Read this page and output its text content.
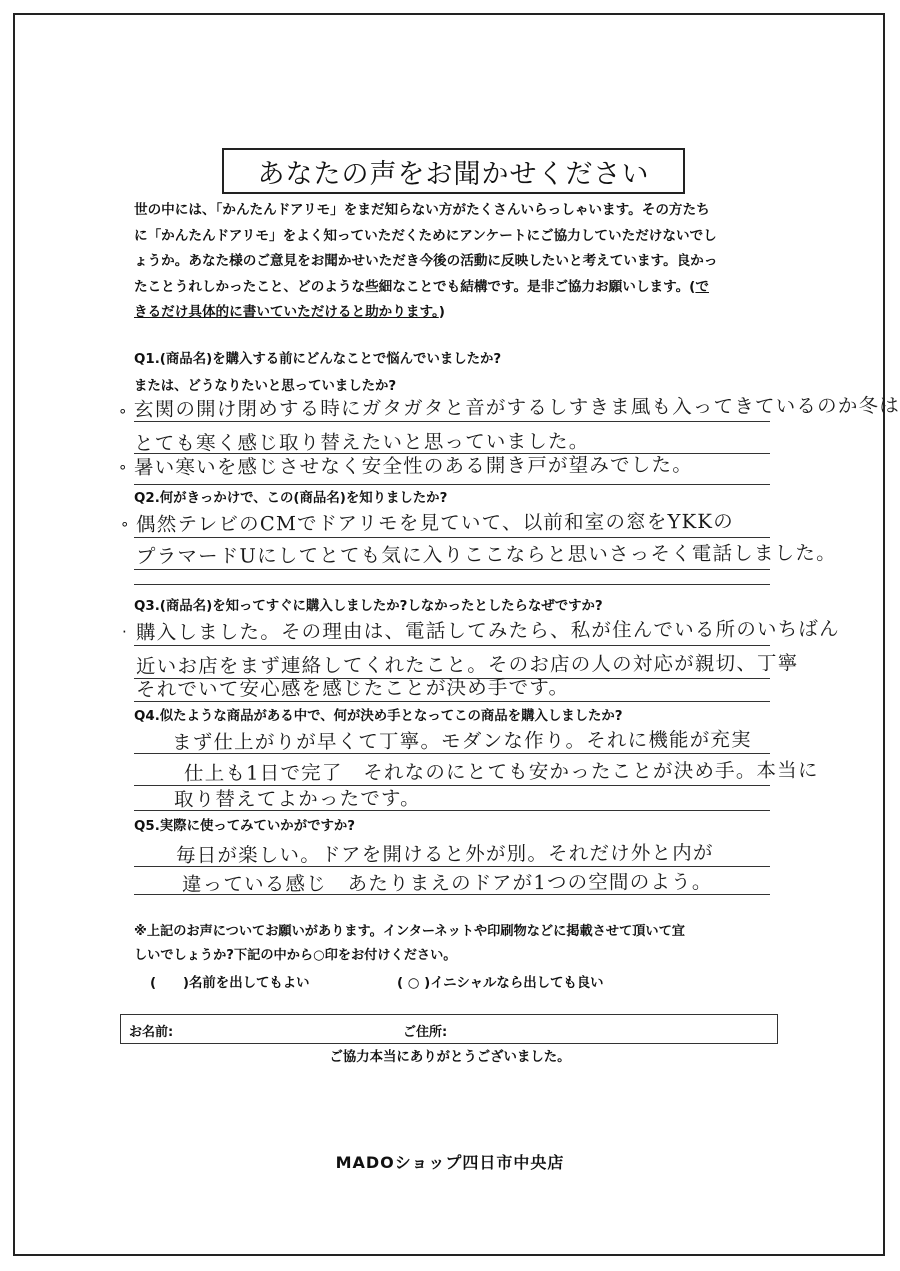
あなたの声をお聞かせください
世の中には、「かんたんドアリモ」をまだ知らない方がたくさんいらっしゃいます。その方たち
に「かんたんドアリモ」をよく知っていただくためにアンケートにご協力していただけないでし
ょうか。あなた様のご意見をお聞かせいただき今後の活動に反映したいと考えています。良かっ
たことうれしかったこと、どのような些細なことでも結構です。是非ご協力お願いします。(で
きるだけ具体的に書いていただけると助かります。)
Q1.(商品名)を購入する前にどんなことで悩んでいましたか?
または、どうなりたいと思っていましたか?
∘ 玄関の開け閉めする時にガタガタと音がするしすきま風も入ってきているのか冬は
とても寒く感じ取り替えたいと思っていました。
∘ 暑い寒いを感じさせなく安全性のある開き戸が望みでした。
Q2.何がきっかけで、この(商品名)を知りましたか?
∘ 偶然テレビのCMでドアリモを見ていて、以前和室の窓をYKKの
プラマードUにしてとても気に入りここならと思いさっそく電話しました。
Q3.(商品名)を知ってすぐに購入しましたか?しなかったとしたらなぜですか?
· 購入しました。その理由は、電話してみたら、私が住んでいる所のいちばん
近いお店をまず連絡してくれたこと。そのお店の人の対応が親切、丁寧
それでいて安心感を感じたことが決め手です。
Q4.似たような商品がある中で、何が決め手となってこの商品を購入しましたか?
まず仕上がりが早くて丁寧。モダンな作り。それに機能が充実
仕上も1日で完了　それなのにとても安かったことが決め手。本当に
取り替えてよかったです。
Q5.実際に使ってみていかがですか?
毎日が楽しい。ドアを開けると外が別。それだけ外と内が
違っている感じ　あたりまえのドアが1つの空間のよう。
※上記のお声についてお願いがあります。インターネットや印刷物などに掲載させて頂いて宜
しいでしょうか?下記の中から○印をお付けください。
(　　)名前を出してもよい	( ○ )イニシャルなら出しても良い
お名前:	ご住所:
ご協力本当にありがとうございました。
MADOショップ四日市中央店
